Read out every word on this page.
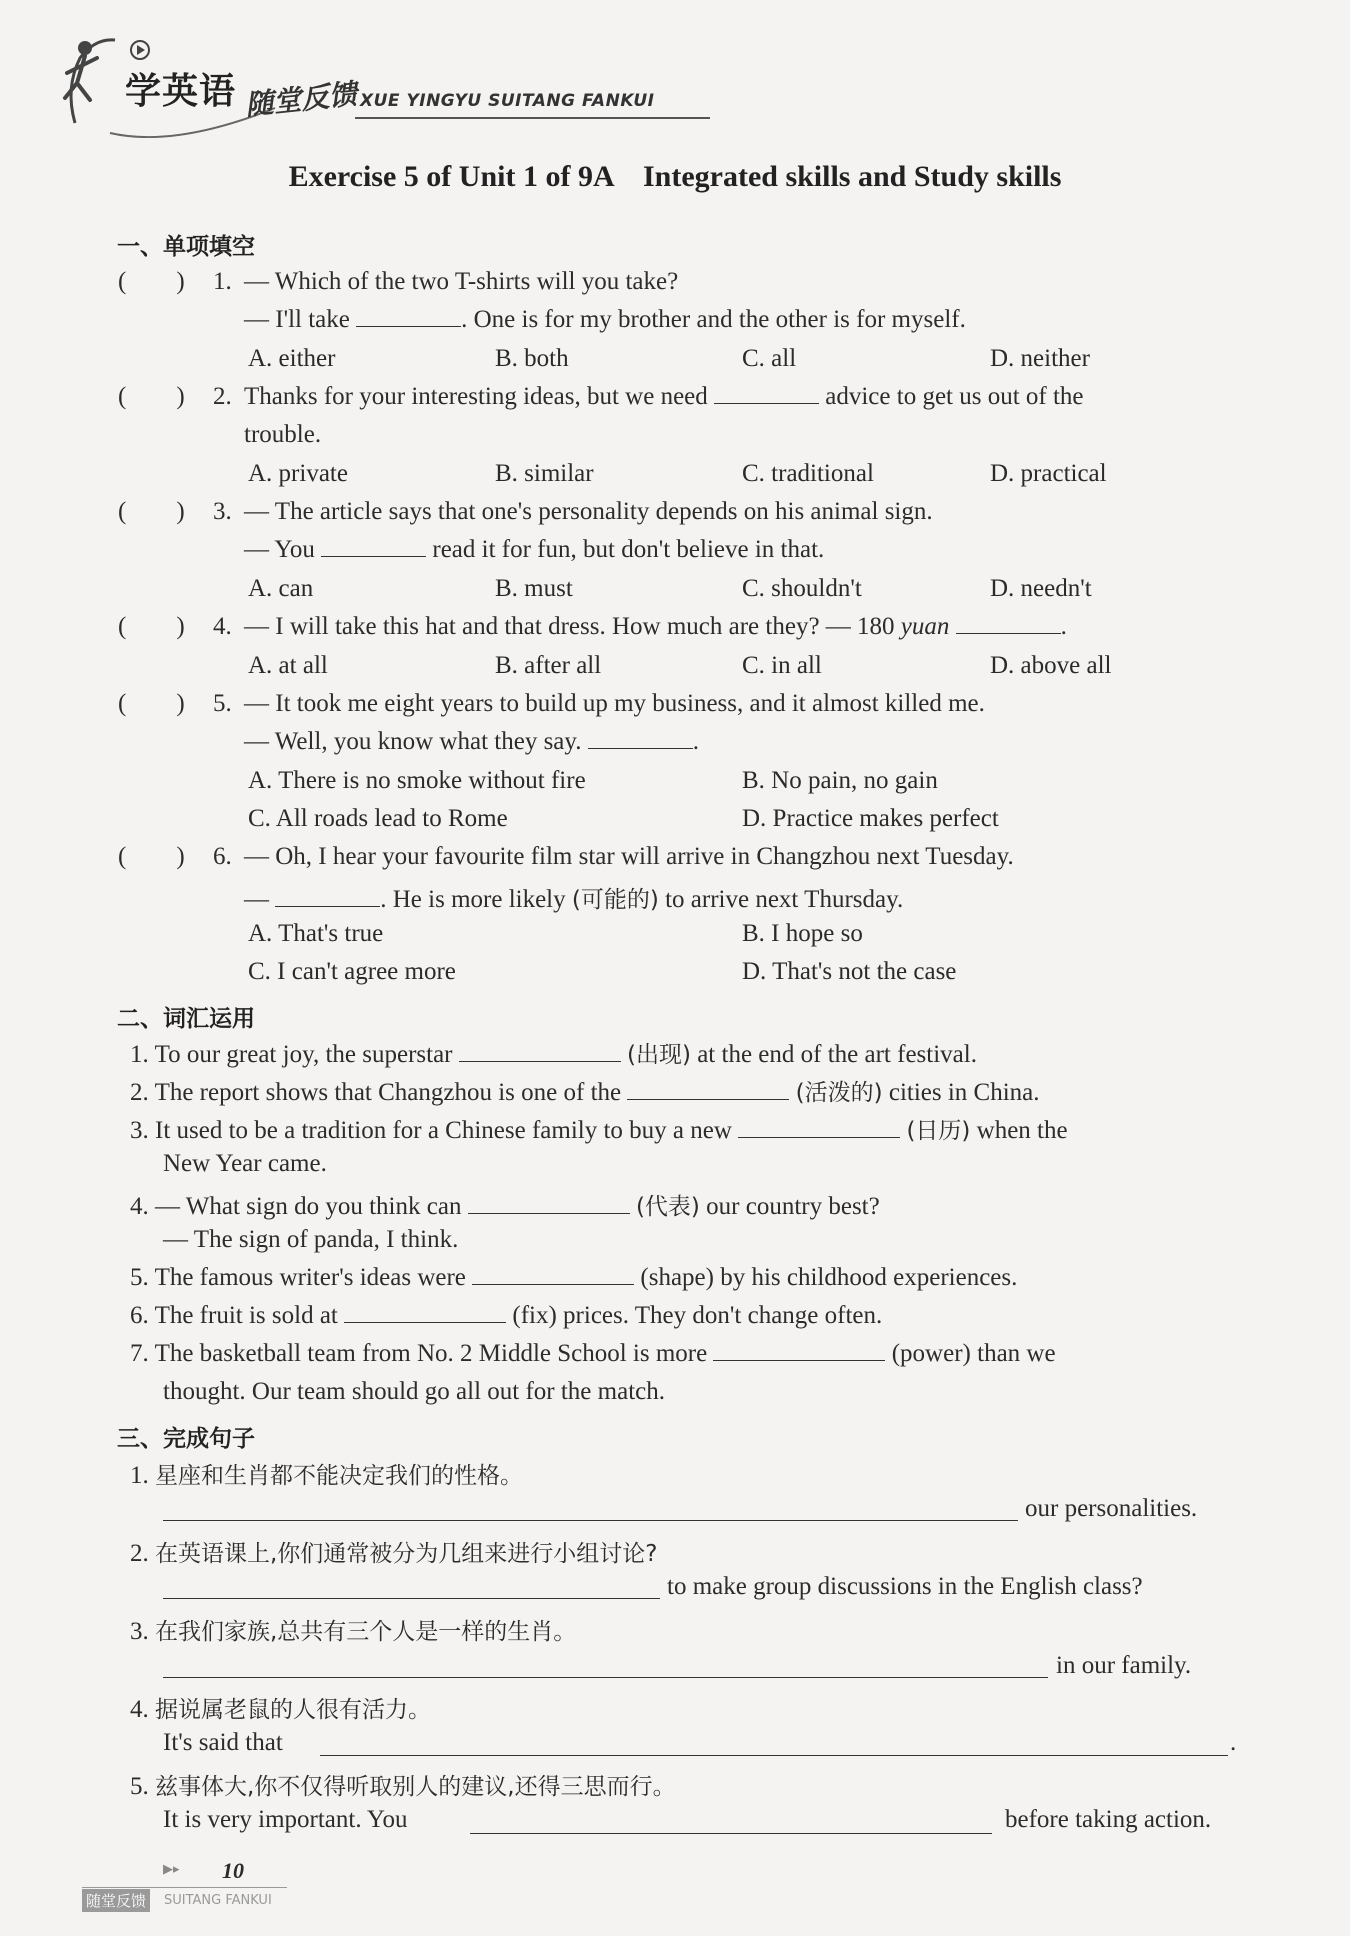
学英语 随堂反馈 XUE YINGYU SUITANG FANKUI
Exercise 5 of Unit 1 of 9A    Integrated skills and Study skills
一、单项填空
( ) 1. — Which of the two T-shirts will you take?
— I'll take	. One is for my brother and the other is for myself.
A. either	B. both	C. all	D. neither
( ) 2. Thanks for your interesting ideas, but we need	advice to get us out of the
trouble.
A. private	B. similar	C. traditional	D. practical
( ) 3. — The article says that one's personality depends on his animal sign.
— You	read it for fun, but don't believe in that.
A. can	B. must	C. shouldn't	D. needn't
( ) 4. — I will take this hat and that dress. How much are they? — 180 yuan	.
A. at all	B. after all	C. in all	D. above all
( ) 5. — It took me eight years to build up my business, and it almost killed me.
— Well, you know what they say.	.
A. There is no smoke without fire	B. No pain, no gain
C. All roads lead to Rome	D. Practice makes perfect
( ) 6. — Oh, I hear your favourite film star will arrive in Changzhou next Tuesday.
—	. He is more likely (可能的) to arrive next Thursday.
A. That's true	B. I hope so
C. I can't agree more	D. That's not the case
二、词汇运用
1. To our great joy, the superstar	(出现) at the end of the art festival.
2. The report shows that Changzhou is one of the	(活泼的) cities in China.
3. It used to be a tradition for a Chinese family to buy a new	(日历) when the
New Year came.
4. — What sign do you think can	(代表) our country best?
— The sign of panda, I think.
5. The famous writer's ideas were	(shape) by his childhood experiences.
6. The fruit is sold at	(fix) prices. They don't change often.
7. The basketball team from No. 2 Middle School is more	(power) than we
thought. Our team should go all out for the match.
三、完成句子
1. 星座和生肖都不能决定我们的性格。
our personalities.
2. 在英语课上,你们通常被分为几组来进行小组讨论?
to make group discussions in the English class?
3. 在我们家族,总共有三个人是一样的生肖。
in our family.
4. 据说属老鼠的人很有活力。
It's said that	.
5. 兹事体大,你不仅得听取别人的建议,还得三思而行。
It is very important. You	before taking action.
▶▸ 10
随堂反馈	SUITANG FANKUI
